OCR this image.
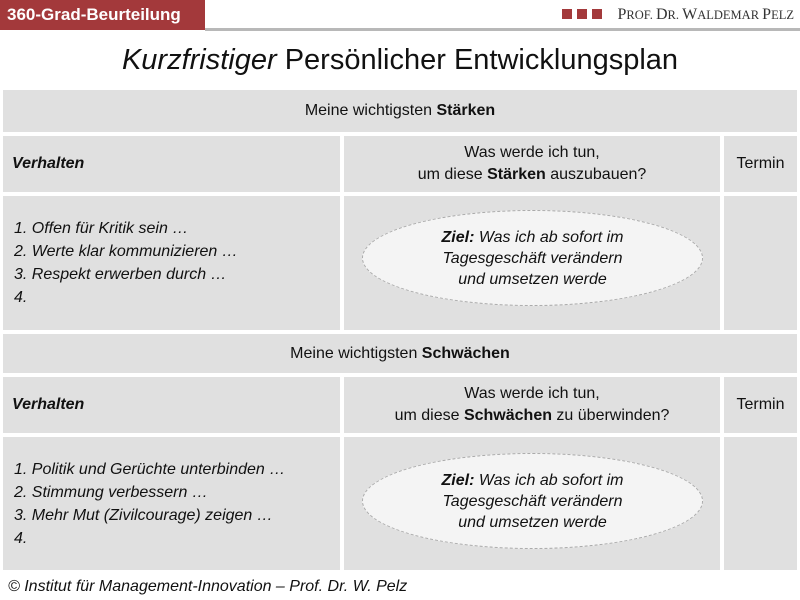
360-Grad-Beurteilung	PROF. DR. WALDEMAR PELZ
Kurzfristiger Persönlicher Entwicklungsplan
Meine wichtigsten Stärken
Verhalten
Was werde ich tun,
um diese Stärken auszubauen?
Termin
1. Offen für Kritik sein …
2. Werte klar kommunizieren …
3. Respekt erwerben durch …
4.
Ziel: Was ich ab sofort im
Tagesgeschäft verändern
und umsetzen werde
Meine wichtigsten Schwächen
Verhalten
Was werde ich tun,
um diese Schwächen zu überwinden?
Termin
1. Politik und Gerüchte unterbinden …
2. Stimmung verbessern …
3. Mehr Mut (Zivilcourage) zeigen …
4.
Ziel: Was ich ab sofort im
Tagesgeschäft verändern
und umsetzen werde
© Institut für Management-Innovation – Prof. Dr. W. Pelz
